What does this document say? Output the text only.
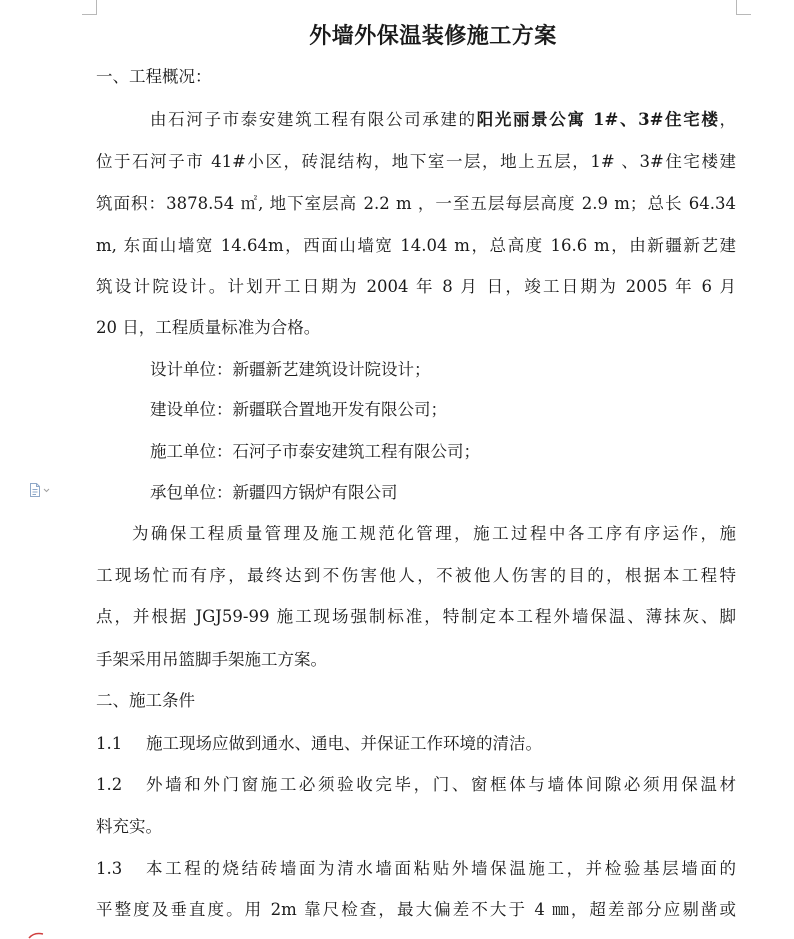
外墙外保温装修施工方案
一、工程概况：
由石河子市泰安建筑工程有限公司承建的阳光丽景公寓 1#、3#住宅楼，
位于石河子市 41#小区，砖混结构，地下室一层，地上五层，1# 、3#住宅楼建
筑面积：3878.54 ㎡, 地下室层高 2.2 m ，一至五层每层高度 2.9 m；总长 64.34
m, 东面山墙宽 14.64m，西面山墙宽 14.04 m，总高度 16.6 m，由新疆新艺建
筑设计院设计。计划开工日期为 2004 年 8 月 日，竣工日期为 2005 年 6 月
20 日，工程质量标准为合格。
设计单位：新疆新艺建筑设计院设计；
建设单位：新疆联合置地开发有限公司；
施工单位：石河子市泰安建筑工程有限公司；
承包单位：新疆四方锅炉有限公司
为确保工程质量管理及施工规范化管理，施工过程中各工序有序运作，施
工现场忙而有序，最终达到不伤害他人，不被他人伤害的目的，根据本工程特
点，并根据 JGJ59-99 施工现场强制标准，特制定本工程外墙保温、薄抹灰、脚
手架采用吊篮脚手架施工方案。
二、施工条件
1.1 施工现场应做到通水、通电、并保证工作环境的清洁。
1.2 外墙和外门窗施工必须验收完毕，门、窗框体与墙体间隙必须用保温材
料充实。
1.3 本工程的烧结砖墙面为清水墙面粘贴外墙保温施工，并检验基层墙面的
平整度及垂直度。用 2m 靠尺检查，最大偏差不大于 4 ㎜，超差部分应剔凿或
